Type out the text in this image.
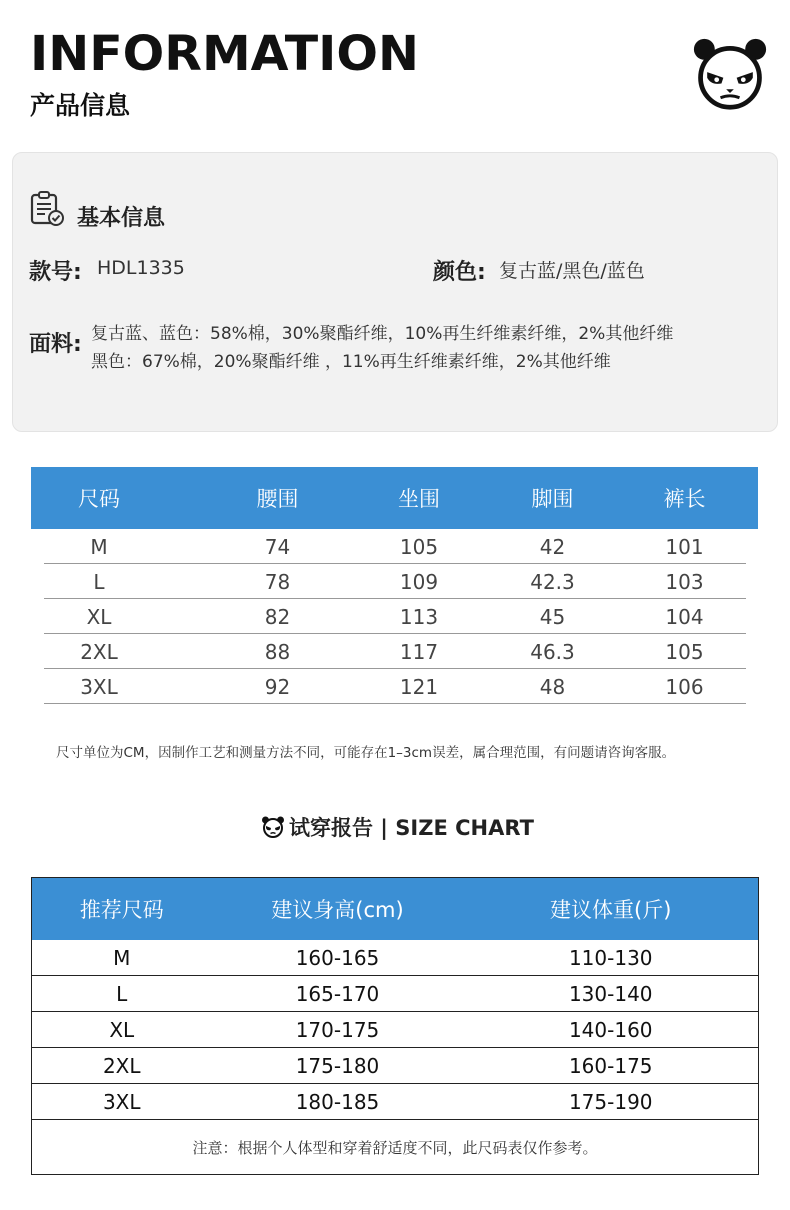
INFORMATION
产品信息
基本信息
款号: HDL1335	颜色: 复古蓝/黑色/蓝色
面料: 复古蓝、蓝色：58%棉，30%聚酯纤维，10%再生纤维素纤维，2%其他纤维
黑色：67%棉，20%聚酯纤维 ，11%再生纤维素纤维，2%其他纤维
尺码	腰围	坐围	脚围	裤长
M	74	105	42	101
L	78	109	42.3	103
XL	82	113	45	104
2XL	88	117	46.3	105
3XL	92	121	48	106
尺寸单位为CM，因制作工艺和测量方法不同，可能存在1–3cm误差，属合理范围，有问题请咨询客服。
试穿报告 | SIZE CHART
推荐尺码	建议身高(cm)	建议体重(斤)
M	160-165	110-130
L	165-170	130-140
XL	170-175	140-160
2XL	175-180	160-175
3XL	180-185	175-190
注意：根据个人体型和穿着舒适度不同，此尺码表仅作参考。		
